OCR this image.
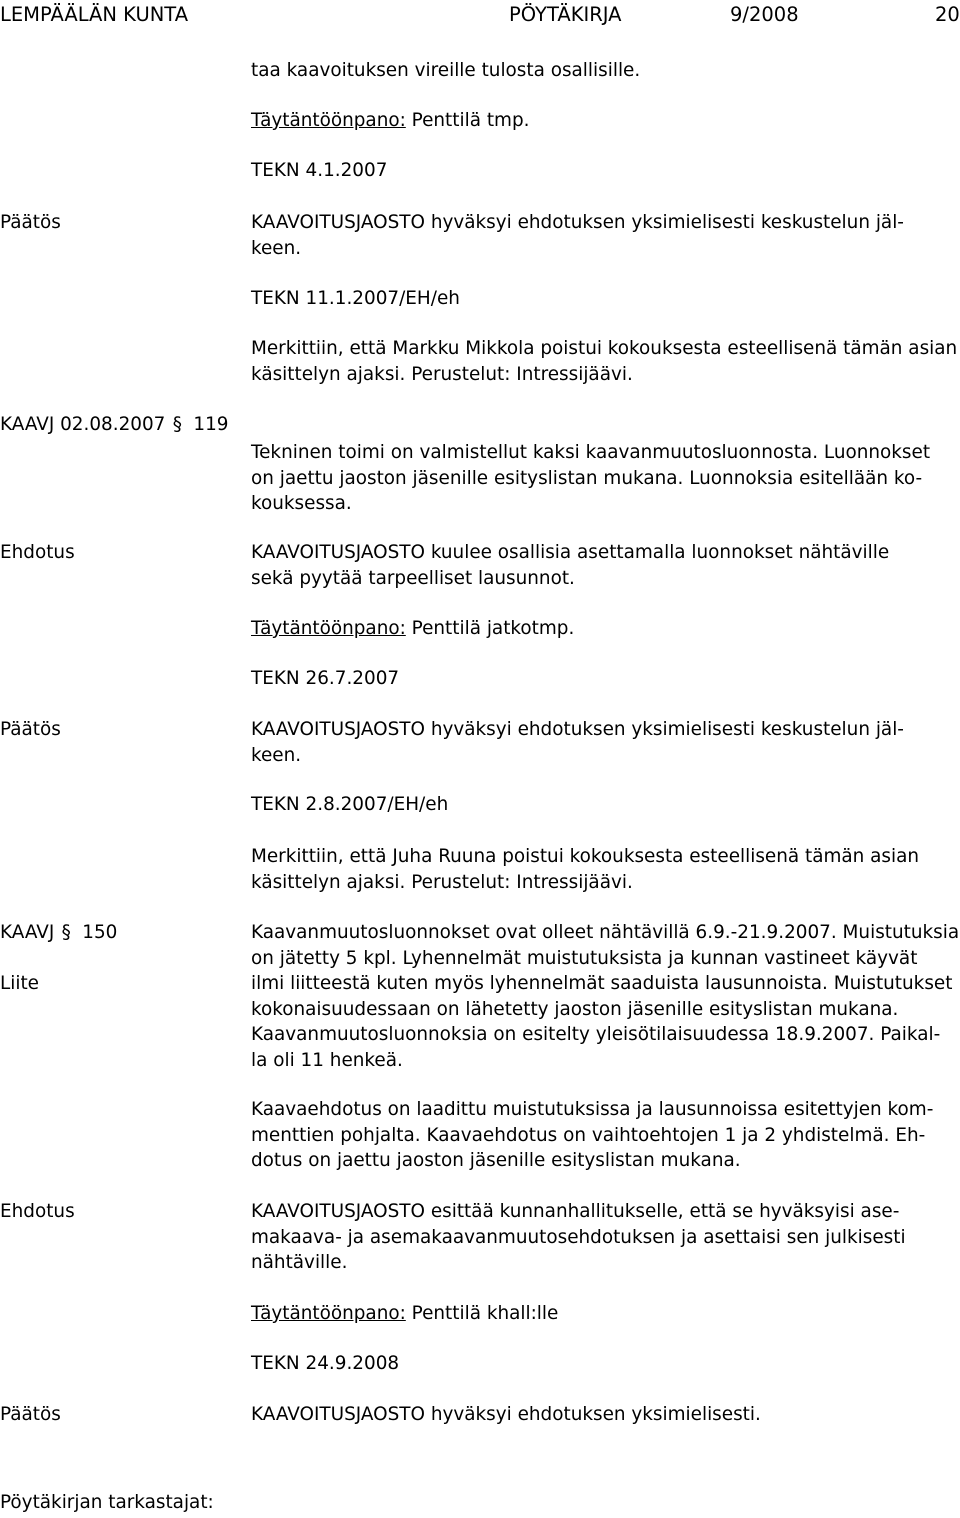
LEMPÄÄLÄN KUNTA	PÖYTÄKIRJA	9/2008	20
taa kaavoituksen vireille tulosta osallisille.
Täytäntöönpano: Penttilä tmp.
TEKN 4.1.2007
Päätös	KAAVOITUSJAOSTO hyväksyi ehdotuksen yksimielisesti keskustelun jäl-
keen.
TEKN 11.1.2007/EH/eh
Merkittiin, että Markku Mikkola poistui kokouksesta esteellisenä tämän asian
käsittelyn ajaksi. Perustelut: Intressijäävi.
KAAVJ 02.08.2007 § 119
Tekninen toimi on valmistellut kaksi kaavanmuutosluonnosta. Luonnokset
on jaettu jaoston jäsenille esityslistan mukana. Luonnoksia esitellään ko-
kouksessa.
Ehdotus	KAAVOITUSJAOSTO kuulee osallisia asettamalla luonnokset nähtäville
sekä pyytää tarpeelliset lausunnot.
Täytäntöönpano: Penttilä jatkotmp.
TEKN 26.7.2007
Päätös	KAAVOITUSJAOSTO hyväksyi ehdotuksen yksimielisesti keskustelun jäl-
keen.
TEKN 2.8.2007/EH/eh
Merkittiin, että Juha Ruuna poistui kokouksesta esteellisenä tämän asian
käsittelyn ajaksi. Perustelut: Intressijäävi.
KAAVJ § 150
Liite
Kaavanmuutosluonnokset ovat olleet nähtävillä 6.9.-21.9.2007. Muistutuksia
on jätetty 5 kpl. Lyhennelmät muistutuksista ja kunnan vastineet käyvät
ilmi liitteestä kuten myös lyhennelmät saaduista lausunnoista. Muistutukset
kokonaisuudessaan on lähetetty jaoston jäsenille esityslistan mukana.
Kaavanmuutosluonnoksia on esitelty yleisötilaisuudessa 18.9.2007. Paikal-
la oli 11 henkeä.
Kaavaehdotus on laadittu muistutuksissa ja lausunnoissa esitettyjen kom-
menttien pohjalta. Kaavaehdotus on vaihtoehtojen 1 ja 2 yhdistelmä. Eh-
dotus on jaettu jaoston jäsenille esityslistan mukana.
Ehdotus	KAAVOITUSJAOSTO esittää kunnanhallitukselle, että se hyväksyisi ase-
makaava- ja asemakaavanmuutosehdotuksen ja asettaisi sen julkisesti
nähtäville.
Täytäntöönpano: Penttilä khall:lle
TEKN 24.9.2008
Päätös	KAAVOITUSJAOSTO hyväksyi ehdotuksen yksimielisesti.
Pöytäkirjan tarkastajat:
